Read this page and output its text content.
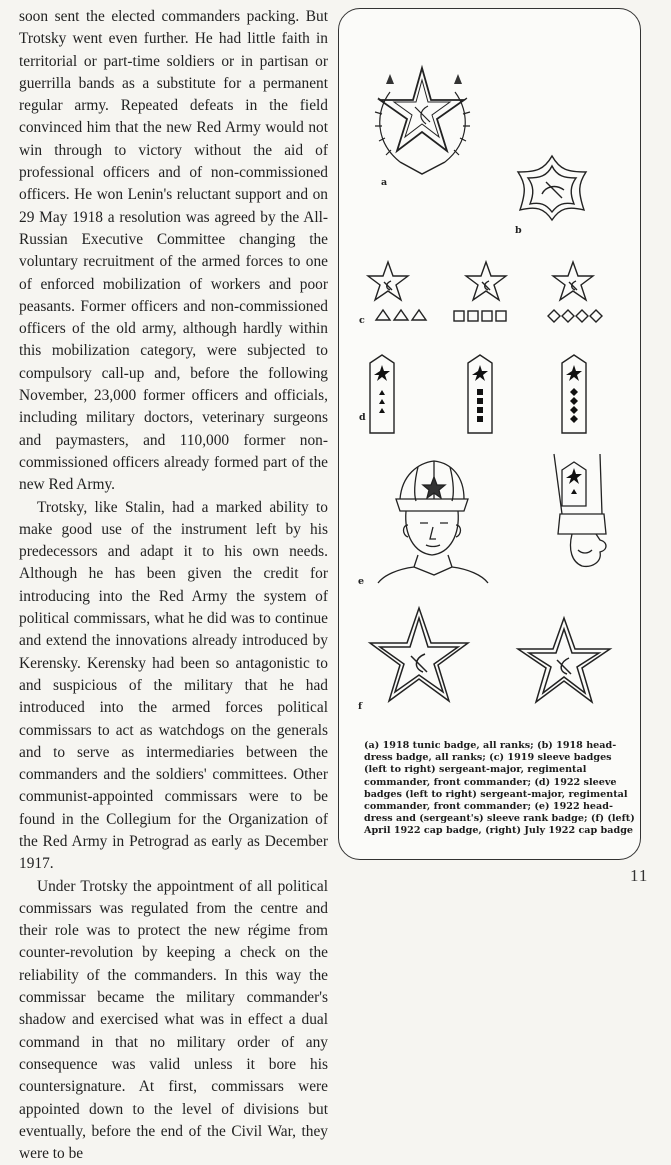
soon sent the elected commanders packing. But Trotsky went even further. He had little faith in territorial or part-time soldiers or in partisan or guerrilla bands as a substitute for a permanent regular army. Repeated defeats in the field convinced him that the new Red Army would not win through to victory without the aid of professional officers and of non-commissioned officers. He won Lenin's reluctant support and on 29 May 1918 a resolution was agreed by the All-Russian Executive Committee changing the voluntary recruitment of the armed forces to one of enforced mobilization of workers and poor peasants. Former officers and non-commissioned officers of the old army, although hardly within this mobilization category, were subjected to compulsory call-up and, before the following November, 23,000 former officers and officials, including military doctors, veterinary surgeons and paymasters, and 110,000 former non-commissioned officers already formed part of the new Red Army.

Trotsky, like Stalin, had a marked ability to make good use of the instrument left by his predecessors and adapt it to his own needs. Although he has been given the credit for introducing into the Red Army the system of political commissars, what he did was to continue and extend the innovations already introduced by Kerensky. Kerensky had been so antagonistic to and suspicious of the military that he had introduced into the armed forces political commissars to act as watchdogs on the generals and to serve as intermediaries between the commanders and the soldiers' committees. Other communist-appointed commissars were to be found in the Collegium for the Organization of the Red Army in Petrograd as early as December 1917.

Under Trotsky the appointment of all political commissars was regulated from the centre and their role was to protect the new régime from counter-revolution by keeping a check on the reliability of the commanders. In this way the commissar became the military commander's shadow and exercised what was in effect a dual command in that no military order of any consequence was valid unless it bore his countersignature. At first, commissars were appointed down to the level of divisions but eventually, before the end of the Civil War, they were to be

a
b
c
d
e
f
(a) 1918 tunic badge, all ranks; (b) 1918 head-dress badge, all ranks; (c) 1919 sleeve badges (left to right) sergeant-major, regimental commander, front commander; (d) 1922 sleeve badges (left to right) sergeant-major, regimental commander, front commander; (e) 1922 head-dress and (sergeant's) sleeve rank badge; (f) (left) April 1922 cap badge, (right) July 1922 cap badge
11
